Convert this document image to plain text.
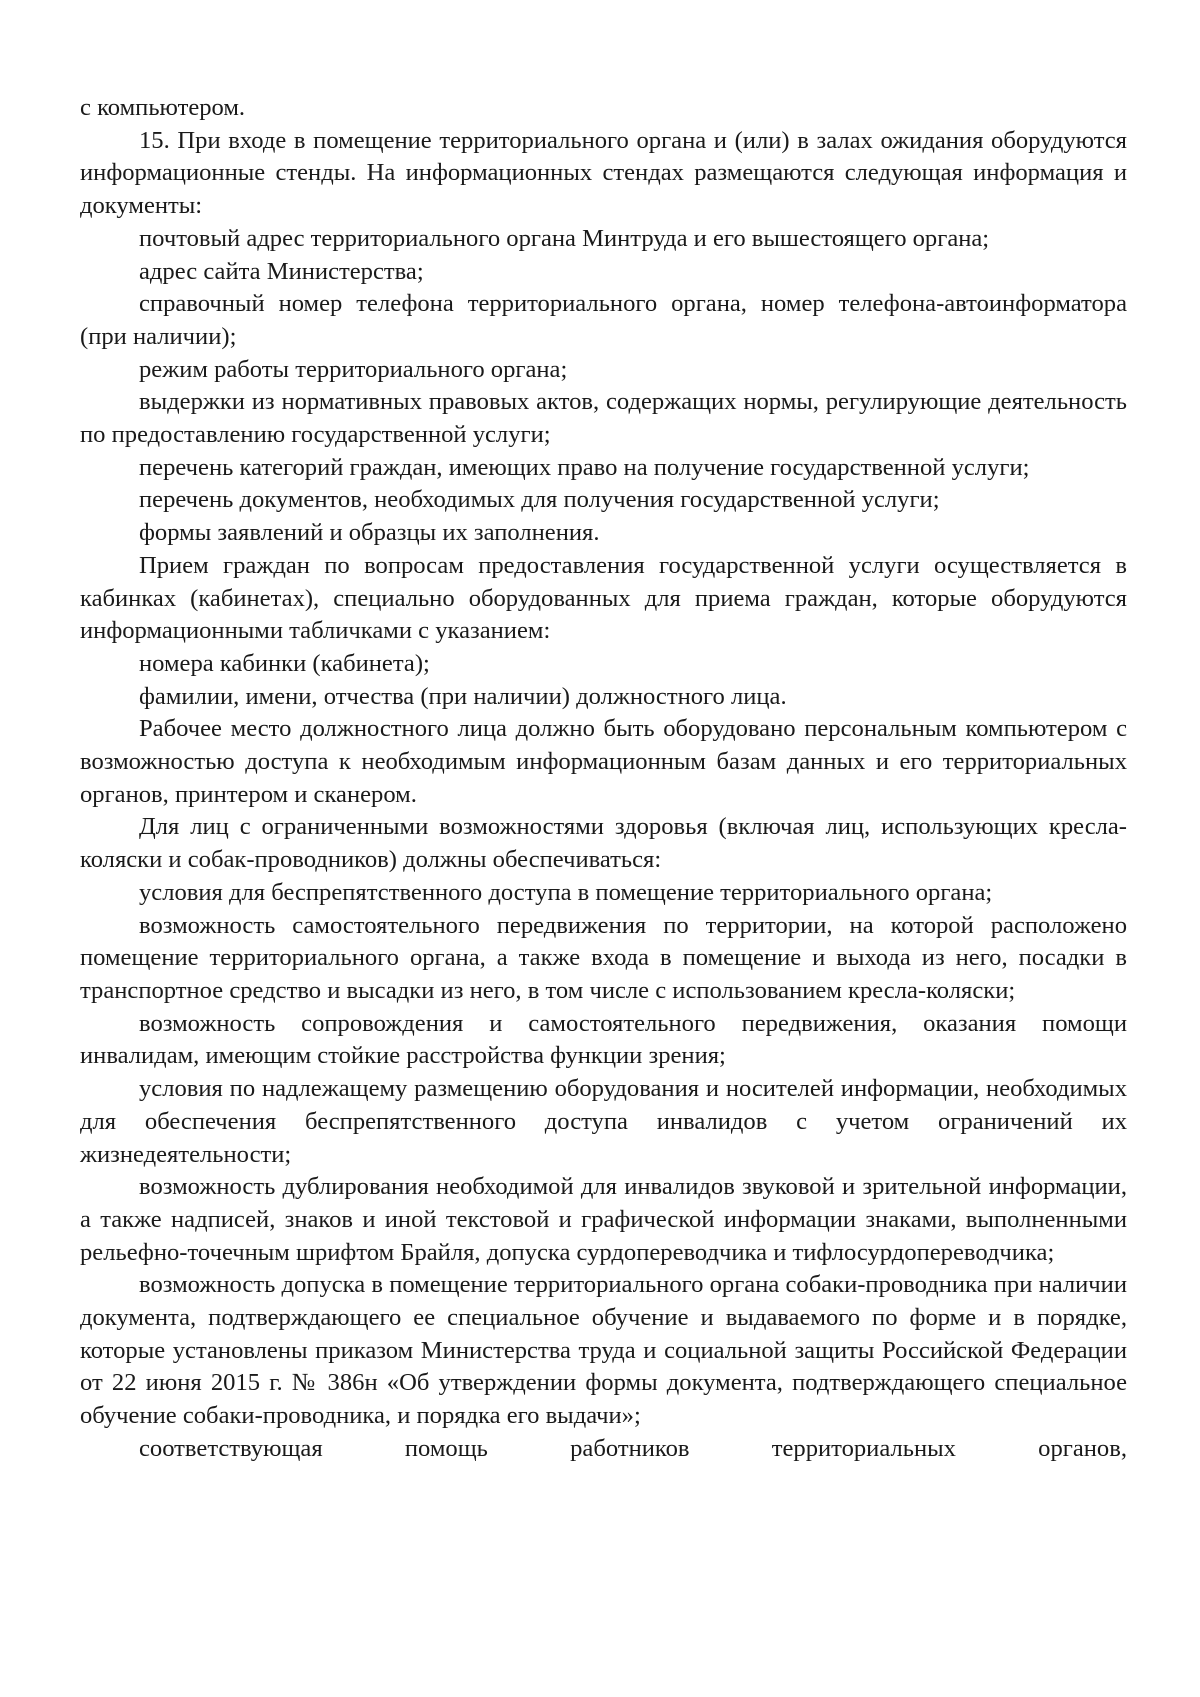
с компьютером.

15. При входе в помещение территориального органа и (или) в залах ожидания оборудуются информационные стенды. На информационных стендах размещаются следующая информация и документы:

почтовый адрес территориального органа Минтруда и его вышестоящего органа;

адрес сайта Министерства;

справочный номер телефона территориального органа, номер телефона-автоинформатора (при наличии);

режим работы территориального органа;

выдержки из нормативных правовых актов, содержащих нормы, регулирующие деятельность по предоставлению государственной услуги;

перечень категорий граждан, имеющих право на получение государственной услуги;

перечень документов, необходимых для получения государственной услуги;

формы заявлений и образцы их заполнения.

Прием граждан по вопросам предоставления государственной услуги осуществляется в кабинках (кабинетах), специально оборудованных для приема граждан, которые оборудуются информационными табличками с указанием:

номера кабинки (кабинета);

фамилии, имени, отчества (при наличии) должностного лица.

Рабочее место должностного лица должно быть оборудовано персональным компьютером с возможностью доступа к необходимым информационным базам данных и его территориальных органов, принтером и сканером.

Для лиц с ограниченными возможностями здоровья (включая лиц, использующих кресла-коляски и собак-проводников) должны обеспечиваться:

условия для беспрепятственного доступа в помещение территориального органа;

возможность самостоятельного передвижения по территории, на которой расположено помещение территориального органа, а также входа в помещение и выхода из него, посадки в транспортное средство и высадки из него, в том числе с использованием кресла-коляски;

возможность сопровождения и самостоятельного передвижения, оказания помощи инвалидам, имеющим стойкие расстройства функции зрения;

условия по надлежащему размещению оборудования и носителей информации, необходимых для обеспечения беспрепятственного доступа инвалидов с учетом ограничений их жизнедеятельности;

возможность дублирования необходимой для инвалидов звуковой и зрительной информации, а также надписей, знаков и иной текстовой и графической информации знаками, выполненными рельефно-точечным шрифтом Брайля, допуска сурдопереводчика и тифлосурдопереводчика;

возможность допуска в помещение территориального органа собаки-проводника при наличии документа, подтверждающего ее специальное обучение и выдаваемого по форме и в порядке, которые установлены приказом Министерства труда и социальной защиты Российской Федерации от 22 июня 2015 г. № 386н «Об утверждении формы документа, подтверждающего специальное обучение собаки-проводника, и порядка его выдачи»;

соответствующая помощь работников территориальных органов,
